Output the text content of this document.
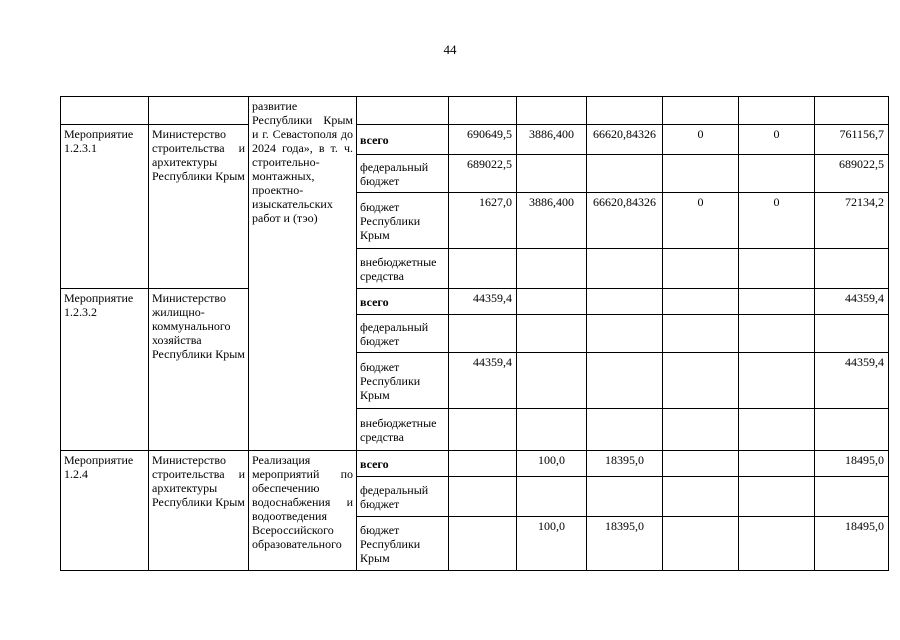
44
		развитие Республики Крым и г. Севастополя до 2024 года», в т. ч. строительно-монтажных, проектно-изыскательских работ и (тэо)							
Мероприятие 1.2.3.1	Министерство строительства и архитектуры Республики Крым		всего	690649,5	3886,400	66620,84326	0	0	761156,7
			федеральный бюджет	689022,5					689022,5
			бюджет Республики Крым	1627,0	3886,400	66620,84326	0	0	72134,2
			внебюджетные средства						
Мероприятие 1.2.3.2	Министерство жилищно-коммунального хозяйства Республики Крым		всего	44359,4					44359,4
			федеральный бюджет						
			бюджет Республики Крым	44359,4					44359,4
			внебюджетные средства						
Мероприятие 1.2.4	Министерство строительства и архитектуры Республики Крым	Реализация мероприятий по обеспечению водоснабжения и водоотведения Всероссийского образовательного	всего		100,0	18395,0			18495,0
			федеральный бюджет						
			бюджет Республики Крым		100,0	18395,0			18495,0
